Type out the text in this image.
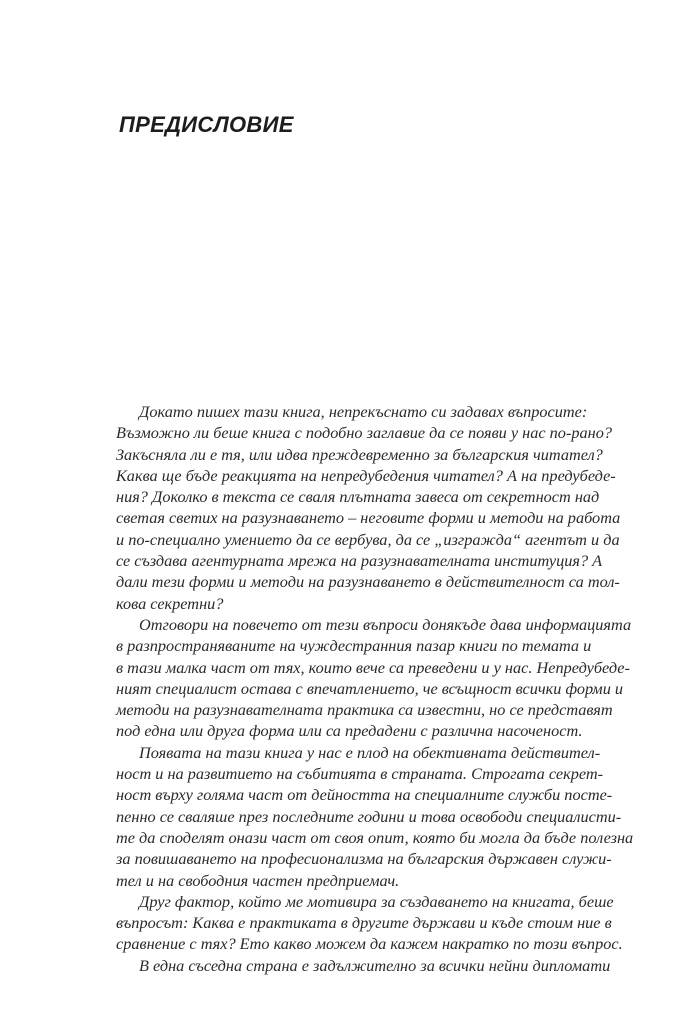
ПРЕДИСЛОВИЕ
Докато пишех тази книга, непрекъснато си задавах въпросите:
Възможно ли беше книга с подобно заглавие да се появи у нас по-рано?
Закъсняла ли е тя, или идва преждевременно за българския читател?
Каква ще бъде реакцията на непредубедения читател? А на предубеде-
ния? Доколко в текста се сваля плътната завеса от секретност над
светая светих на разузнаването – неговите форми и методи на работа
и по-специално умението да се вербува, да се „изгражда“ агентът и да
се създава агентурната мрежа на разузнавателната институция? А
дали тези форми и методи на разузнаването в действителност са тол-
кова секретни?
Отговори на повечето от тези въпроси донякъде дава информацията
в разпространяваните на чуждестранния пазар книги по темата и
в тази малка част от тях, които вече са преведени и у нас. Непредубеде-
ният специалист остава с впечатлението, че всъщност всички форми и
методи на разузнавателната практика са известни, но се представят
под една или друга форма или са предадени с различна насоченост.
Появата на тази книга у нас е плод на обективната действител-
ност и на развитието на събитията в страната. Строгата секрет-
ност върху голяма част от дейността на специалните служби посте-
пенно се сваляше през последните години и това освободи специалисти-
те да споделят онази част от своя опит, която би могла да бъде полезна
за повишаването на професионализма на българския държавен служи-
тел и на свободния частен предприемач.
Друг фактор, който ме мотивира за създаването на книгата, беше
въпросът: Каква е практиката в другите държави и къде стоим ние в
сравнение с тях? Ето какво можем да кажем накратко по този въпрос.
В една съседна страна е задължително за всички нейни дипломати
